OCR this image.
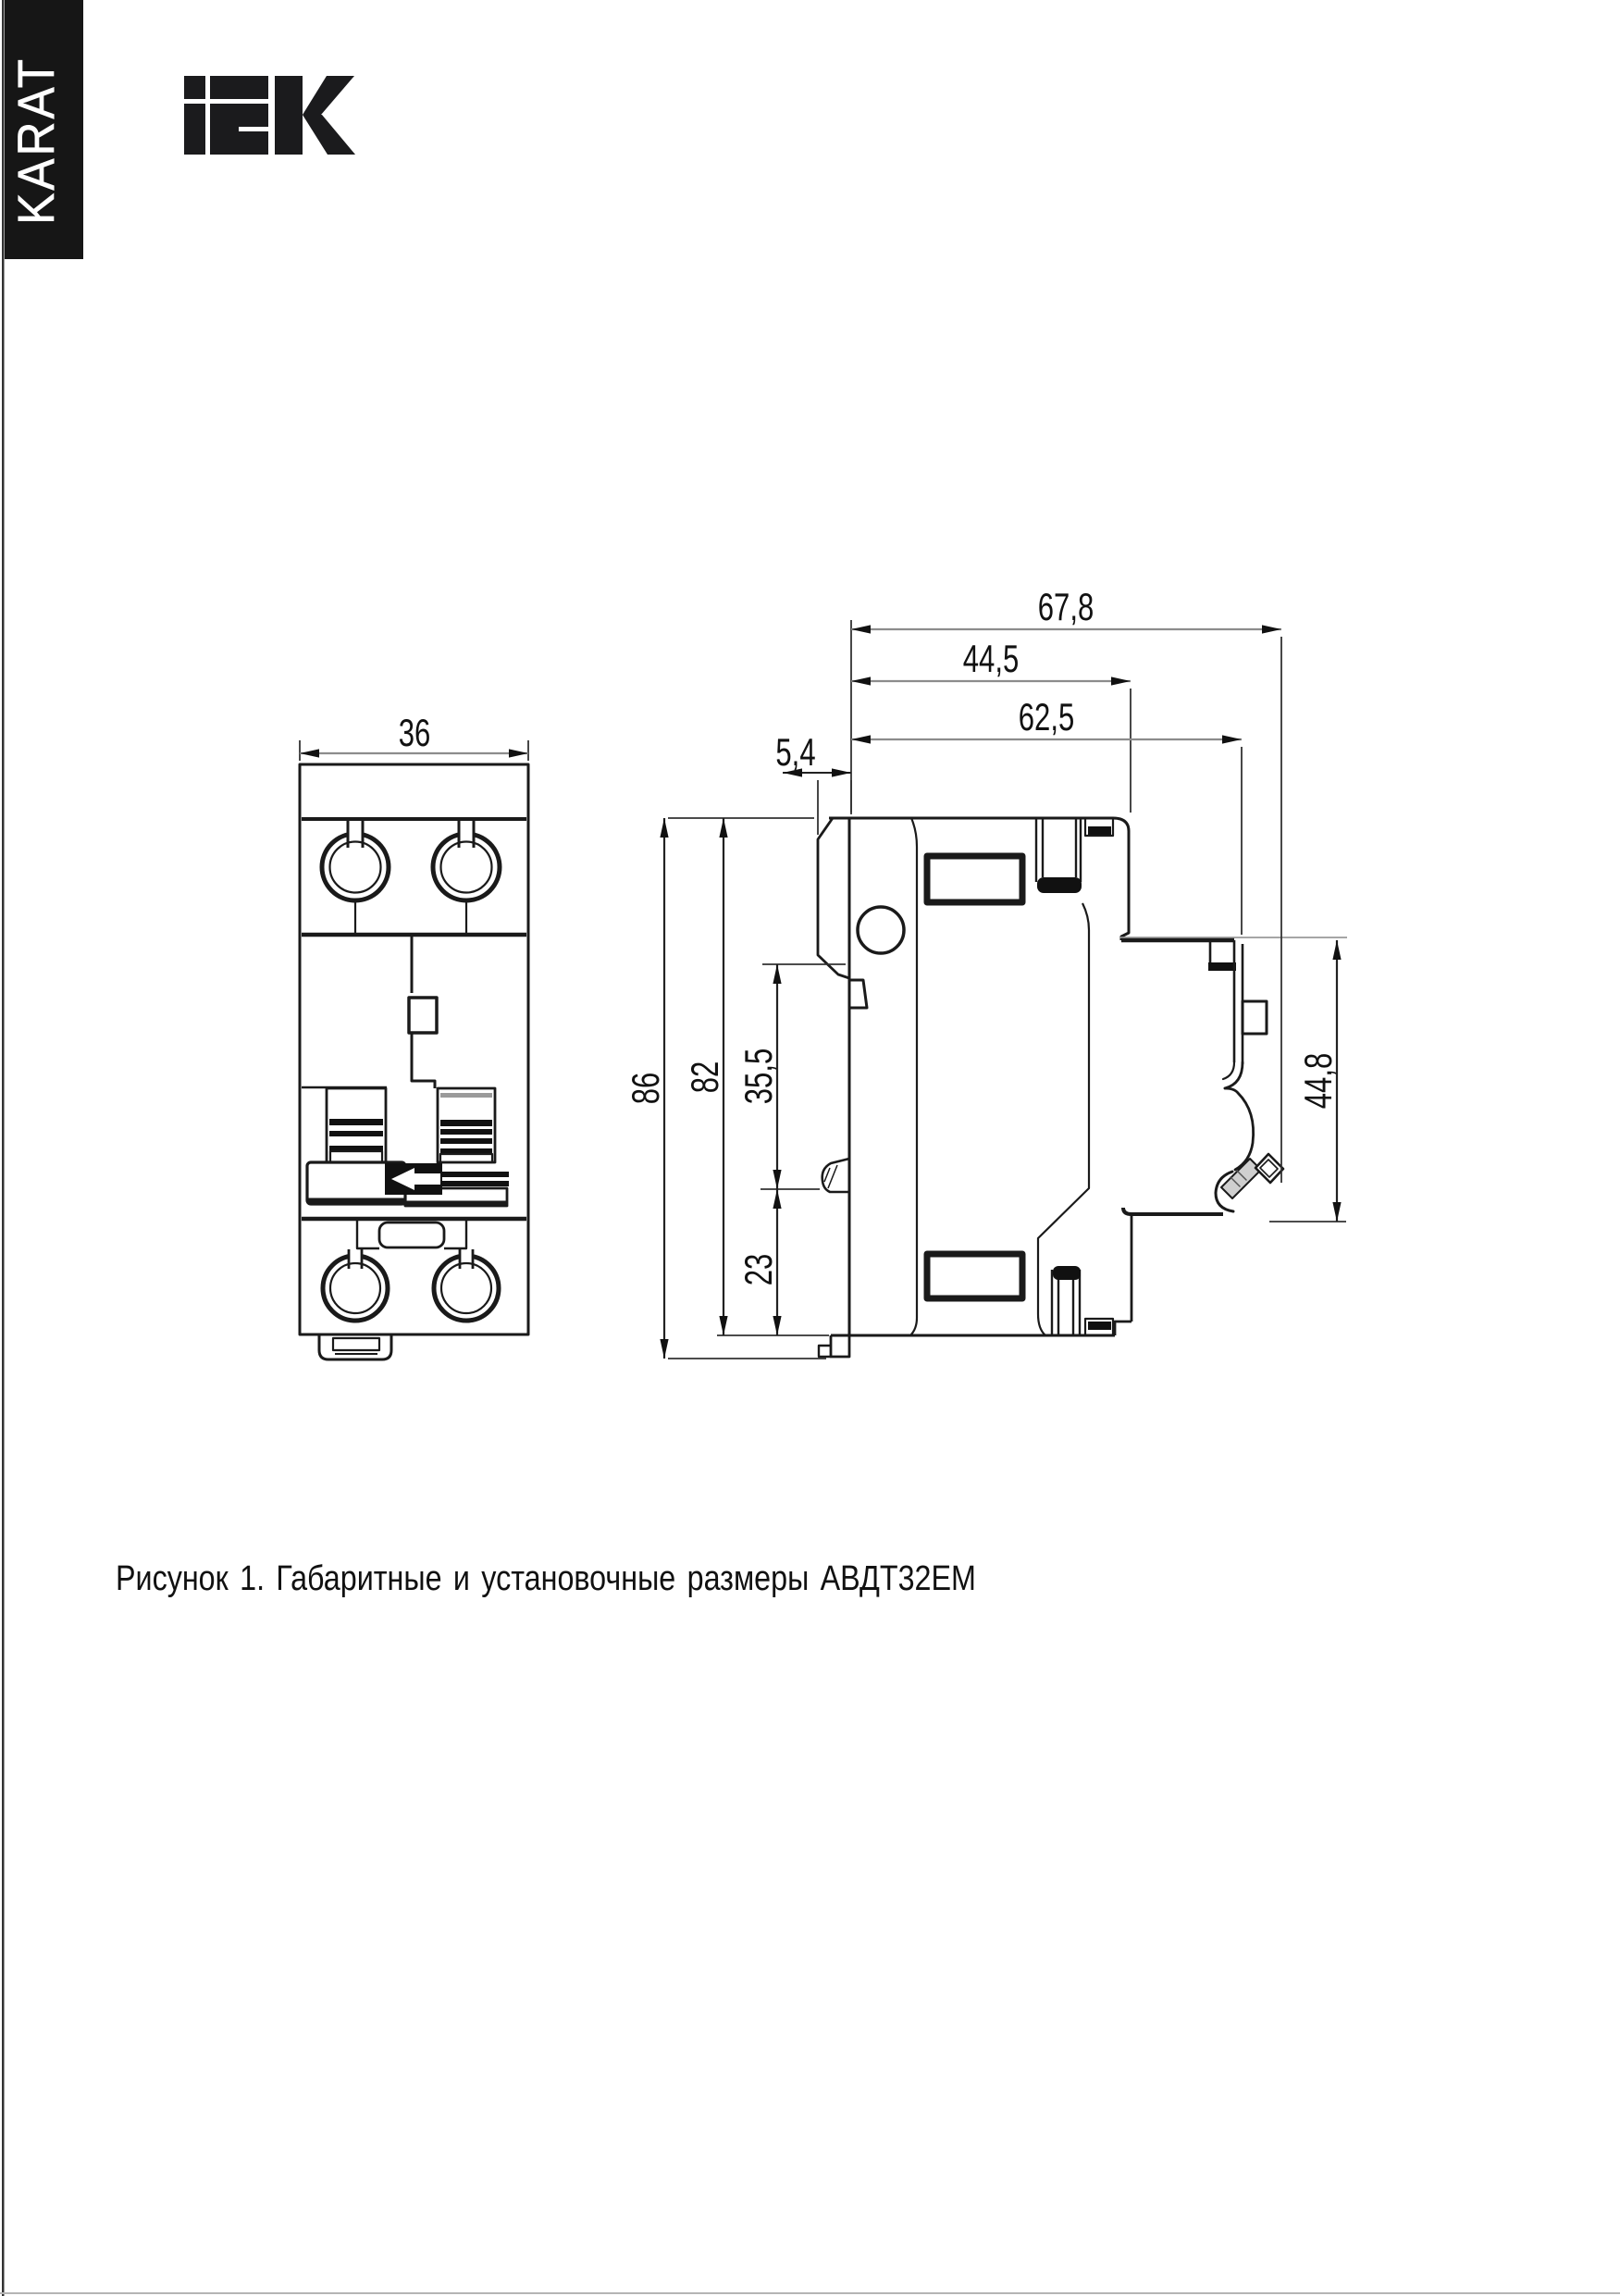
KARAT
36
67,8
44,5
62,5
5,4
86 82 35,5
23
44,8
Рисунок 1. Габаритные и установочные размеры АВДТ32ЕМ
